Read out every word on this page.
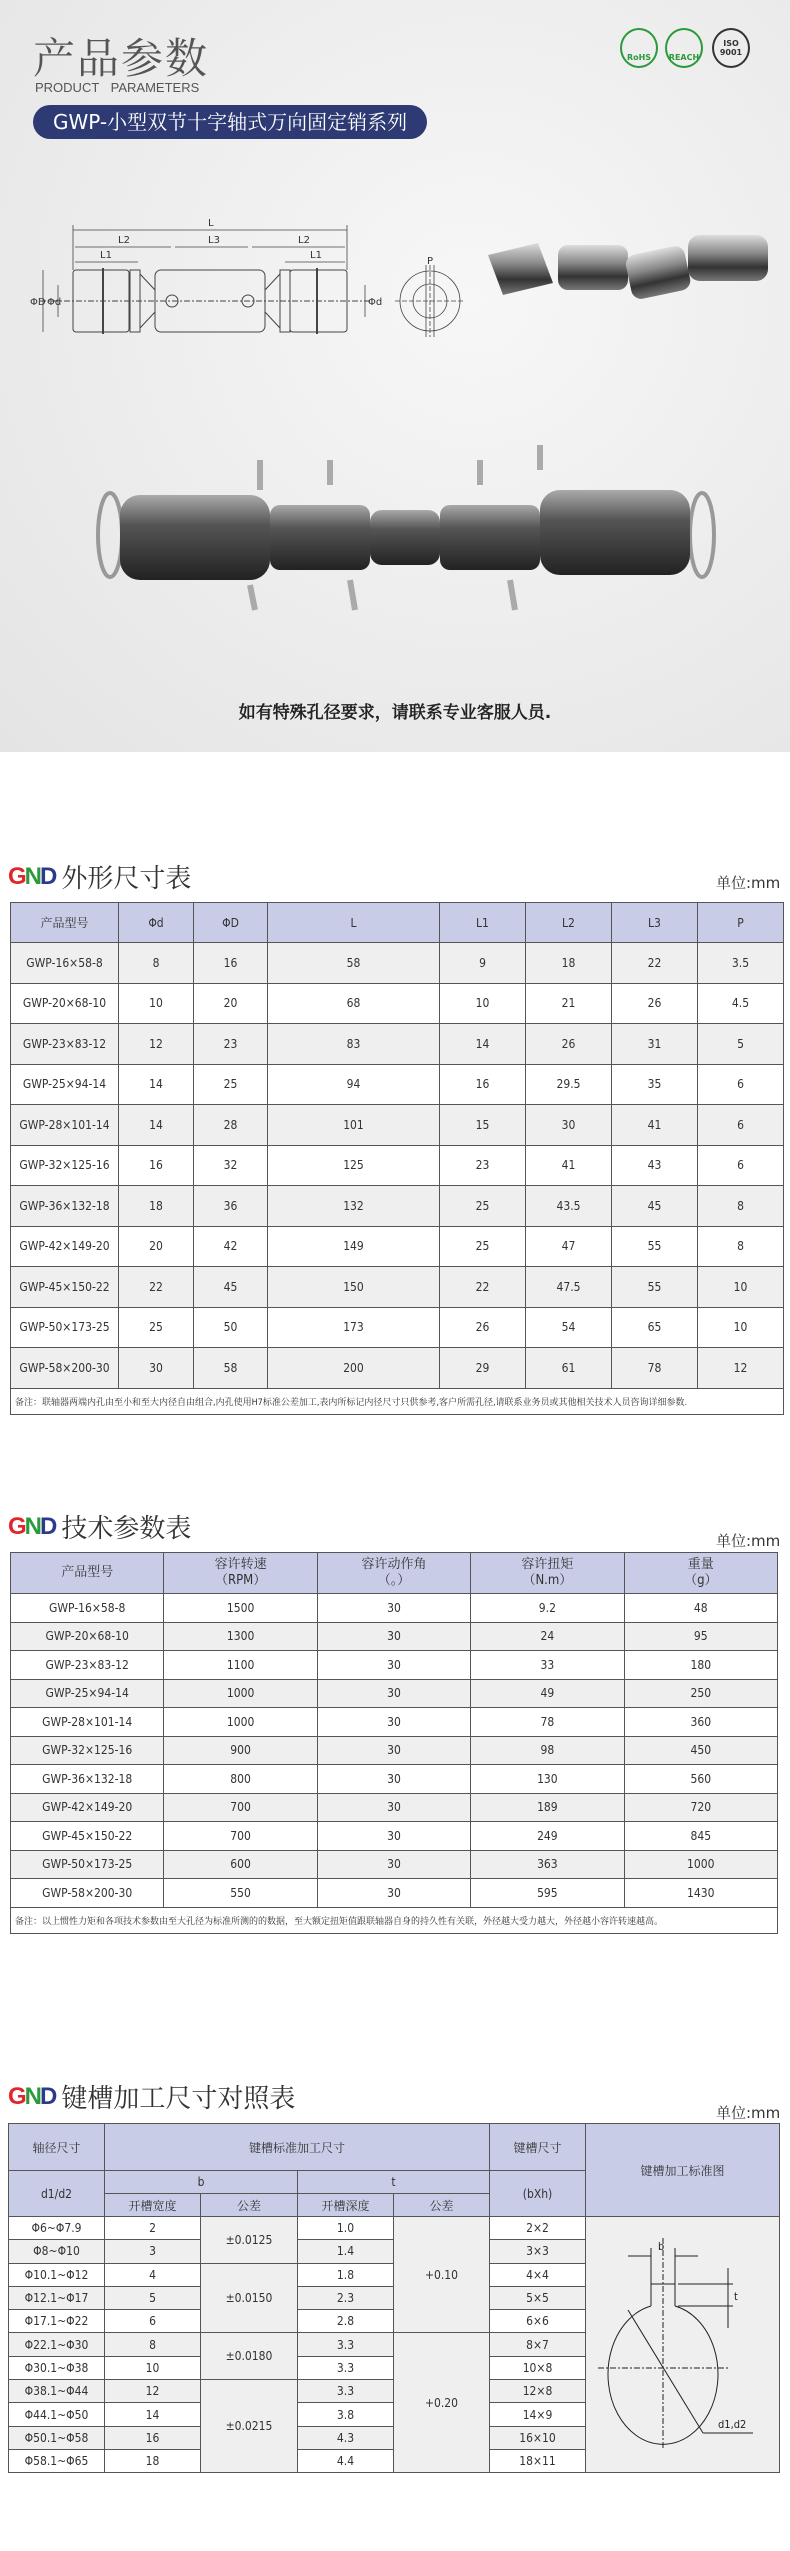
产品参数
PRODUCT PARAMETERS
GWP-小型双节十字轴式万向固定销系列
RoHS	REACH
ISO 9001
L
L2	L3	L2
L1	L1
ΦD Φd	Φd
P
如有特殊孔径要求，请联系专业客服人员.
GND 外形尺寸表	单位:mm
产品型号	Φd	ΦD	L	L1	L2	L3	P
GWP-16×58-8	8	16	58	9	18	22	3.5
GWP-20×68-10	10	20	68	10	21	26	4.5
GWP-23×83-12	12	23	83	14	26	31	5
GWP-25×94-14	14	25	94	16	29.5	35	6
GWP-28×101-14	14	28	101	15	30	41	6
GWP-32×125-16	16	32	125	23	41	43	6
GWP-36×132-18	18	36	132	25	43.5	45	8
GWP-42×149-20	20	42	149	25	47	55	8
GWP-45×150-22	22	45	150	22	47.5	55	10
GWP-50×173-25	25	50	173	26	54	65	10
GWP-58×200-30	30	58	200	29	61	78	12
备注：联轴器两端内孔由至小和至大内径自由组合,内孔使用H7标准公差加工,表内所标记内径尺寸只供参考,客户所需孔径,请联系业务员或其他相关技术人员咨询详细参数.
GND 技术参数表	单位:mm
产品型号

容许转速
（RPM）

容许动作角
（。）

容许扭矩
（N.m）

重量
（g）

GWP-16×58-8	1500	30	9.2	48
GWP-20×68-10	1300	30	24	95
GWP-23×83-12	1100	30	33	180
GWP-25×94-14	1000	30	49	250
GWP-28×101-14	1000	30	78	360
GWP-32×125-16	900	30	98	450
GWP-36×132-18	800	30	130	560
GWP-42×149-20	700	30	189	720
GWP-45×150-22	700	30	249	845
GWP-50×173-25	600	30	363	1000
GWP-58×200-30	550	30	595	1430
备注：以上惯性力矩和各项技术参数由至大孔径为标准所测的的数据，至大额定扭矩值跟联轴器自身的持久性有关联，外径越大受力越大，外径越小容许转速越高。
GND 键槽加工尺寸对照表	单位:mm
轴径尺寸	键槽标准加工尺寸	键槽尺寸	键槽加工标准图
d1/d2	b	t	(bXh)
开槽宽度	公差	开槽深度	公差
Φ6~Φ7.9	2	±0.0125	1.0	+0.10	2×2	
b
t
d1,d2

Φ8~Φ10	3	1.4	3×3
Φ10.1~Φ12	4	±0.0150	1.8	4×4
Φ12.1~Φ17	5	2.3	5×5
Φ17.1~Φ22	6	2.8	6×6
Φ22.1~Φ30	8	±0.0180	3.3	+0.20	8×7
Φ30.1~Φ38	10	3.3	10×8
Φ38.1~Φ44	12	±0.0215	3.3	12×8
Φ44.1~Φ50	14	3.8	14×9
Φ50.1~Φ58	16	4.3	16×10
Φ58.1~Φ65	18	4.4	18×11
